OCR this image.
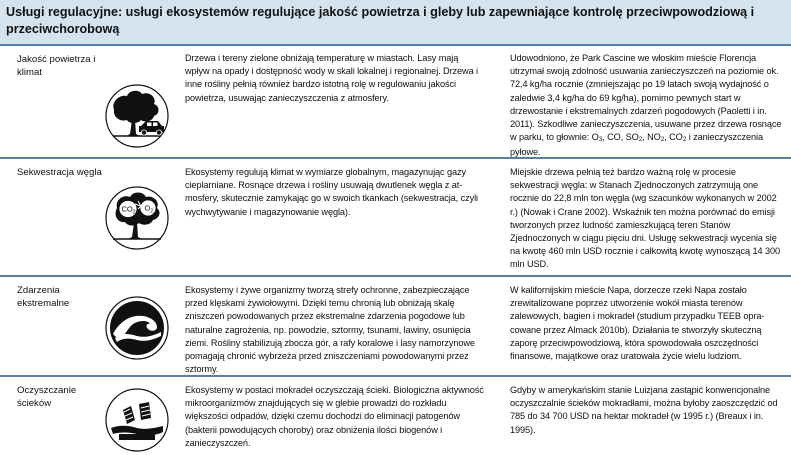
Usługi regulacyjne: usługi ekosystemów regulujące jakość powietrza i gleby lub zapewniające kontrolę przeciwpowodziową i przeciwchorobową
Jakość powietrza i klimat
Drzewa i tereny zielone obniżają temperaturę w miastach. Lasy mają wpływ na opady i dostępność wody w skali lokalnej i regionalnej. Drzewa i inne rośliny pełnią również bardzo istotną rolę w regulowaniu jakości powietrza, usuwając zanieczyszczenia z atmosfery.
Udowodniono, że Park Cascine we włoskim mieście Florencja utrzymał swoją zdolność usuwania zanieczyszczeń na poziomie ok. 72,4 kg/ha rocznie (zmniejszając po 19 latach swoją wydajność o zaledwie 3,4 kg/ha do 69 kg/ha), pomimo pewnych start w drzewostanie i ekstremalnych zdarzeń pogodowych (Paoletti i in. 2011). Szkodliwe zanieczyszczenia, usuwane przez drzewa rosnące w parku, to głownie: O3, CO, SO2, NO2, CO2 i zanieczyszczenia pyłowe.
Sekwestracja węgla
$CO_2$ $O_2$
Ekosystemy regulują klimat w wymiarze globalnym, magazynując gazy cieplarniane. Rosnące drzewa i rośliny usuwają dwutlenek węgla z atmosfery, skutecznie zamykając go w swoich tkankach (sekwestracja, czyli wychwytywanie i magazynowanie węgla).
Miejskie drzewa pełnią też bardzo ważną rolę w procesie sekwestracji węgla: w Stanach Zjednoczonych zatrzymują one rocznie do 22,8 mln ton węgla (wg szacunków wykonanych w 2002 r.) (Nowak i Crane 2002). Wskaźnik ten można porównać do emisji tworzonych przez ludność zamieszkującą teren Stanów Zjednoczonych w ciągu pięciu dni. Usługę sekwestracji wycenia się na kwotę 460 mln USD rocznie i całkowitą kwotę wynoszącą 14 300 mln USD.
Zdarzenia ekstremalne
Ekosystemy i żywe organizmy tworzą strefy ochronne, zabezpieczające przed klęskami żywiołowymi. Dzięki temu chronią lub obniżają skalę zniszczeń powodowanych przez ekstremalne zdarzenia pogodowe lub naturalne zagrożenia, np. powodzie, sztormy, tsunami, lawiny, osunięcia ziemi. Rośliny stabilizują zbocza gór, a rafy koralowe i lasy namorzynowe pomagają chronić wybrzeża przed zniszczeniami powodowanymi przez sztormy.
W kalifornijskim mieście Napa, dorzecze rzeki Napa zostało zrewitalizowane poprzez utworzenie wokół miasta terenów zalewowych, bagien i mokradeł (studium przypadku TEEB opracowane przez Almack 2010b). Działania te stworzyły skuteczną zaporę przeciwpowodziową, która spowodowała oszczędności finansowe, majątkowe oraz uratowała życie wielu ludziom.
Oczyszczanie ścieków
Ekosystemy w postaci mokradeł oczyszczają ścieki. Biologiczna aktywność mikroorganizmów znajdujących się w glebie prowadzi do rozkładu większości odpadów, dzięki czemu dochodzi do eliminacji patogenów (bakterii powodujących choroby) oraz obniżenia ilości biogenów i zanieczyszczeń.
Gdyby w amerykańskim stanie Luizjana zastąpić konwencjonalne oczyszczalnie ścieków mokradłami, można byłoby zaoszczędzić od 785 do 34 700 USD na hektar mokradeł (w 1995 r.) (Breaux i in. 1995).
